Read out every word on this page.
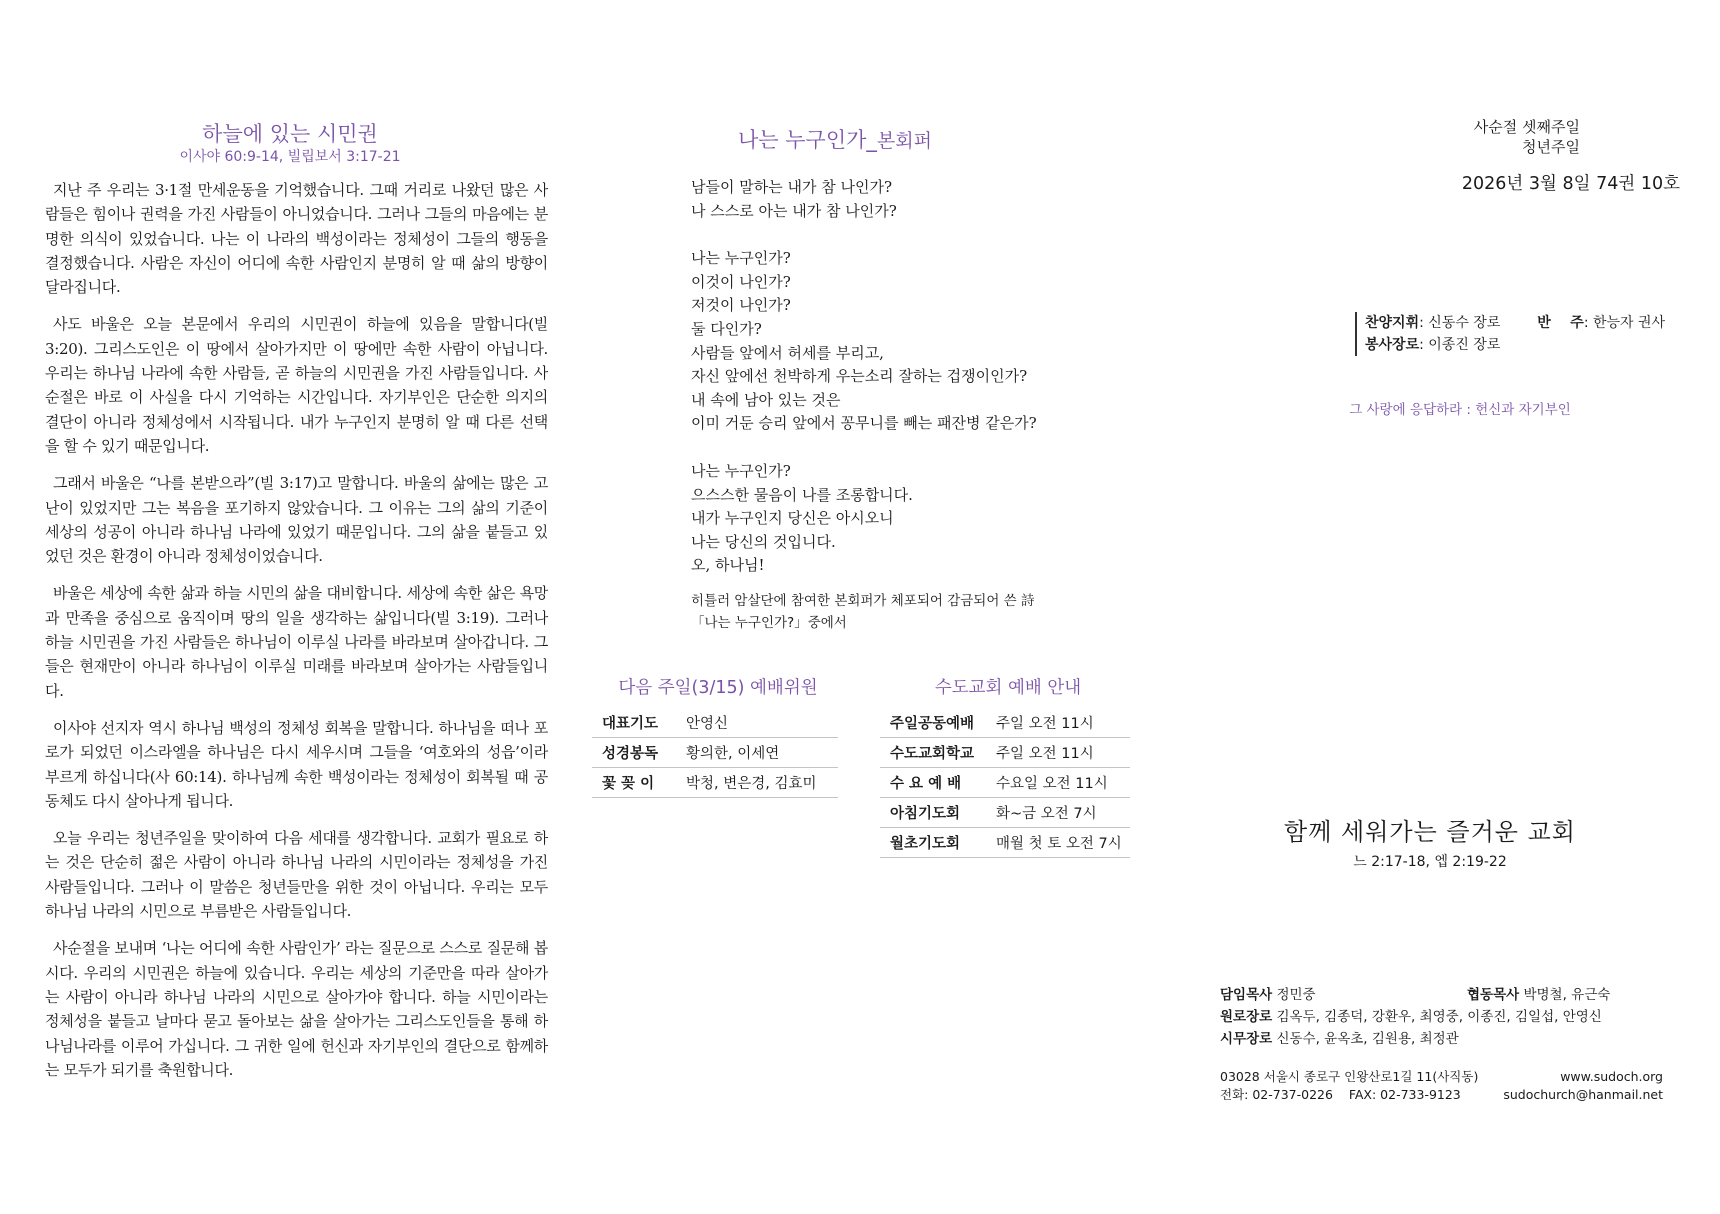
하늘에 있는 시민권
이사야 60:9-14, 빌립보서 3:17-21

지난 주 우리는 3·1절 만세운동을 기억했습니다. 그때 거리로 나왔던 많은 사람들은 힘이나 권력을 가진 사람들이 아니었습니다. 그러나 그들의 마음에는 분명한 의식이 있었습니다. 나는 이 나라의 백성이라는 정체성이 그들의 행동을 결정했습니다. 사람은 자신이 어디에 속한 사람인지 분명히 알 때 삶의 방향이 달라집니다.

사도 바울은 오늘 본문에서 우리의 시민권이 하늘에 있음을 말합니다(빌 3:20). 그리스도인은 이 땅에서 살아가지만 이 땅에만 속한 사람이 아닙니다. 우리는 하나님 나라에 속한 사람들, 곧 하늘의 시민권을 가진 사람들입니다. 사순절은 바로 이 사실을 다시 기억하는 시간입니다. 자기부인은 단순한 의지의 결단이 아니라 정체성에서 시작됩니다. 내가 누구인지 분명히 알 때 다른 선택을 할 수 있기 때문입니다.

그래서 바울은 “나를 본받으라”(빌 3:17)고 말합니다. 바울의 삶에는 많은 고난이 있었지만 그는 복음을 포기하지 않았습니다. 그 이유는 그의 삶의 기준이 세상의 성공이 아니라 하나님 나라에 있었기 때문입니다. 그의 삶을 붙들고 있었던 것은 환경이 아니라 정체성이었습니다.

바울은 세상에 속한 삶과 하늘 시민의 삶을 대비합니다. 세상에 속한 삶은 욕망과 만족을 중심으로 움직이며 땅의 일을 생각하는 삶입니다(빌 3:19). 그러나 하늘 시민권을 가진 사람들은 하나님이 이루실 나라를 바라보며 살아갑니다. 그들은 현재만이 아니라 하나님이 이루실 미래를 바라보며 살아가는 사람들입니다.

이사야 선지자 역시 하나님 백성의 정체성 회복을 말합니다. 하나님을 떠나 포로가 되었던 이스라엘을 하나님은 다시 세우시며 그들을 ‘여호와의 성읍’이라 부르게 하십니다(사 60:14). 하나님께 속한 백성이라는 정체성이 회복될 때 공동체도 다시 살아나게 됩니다.

오늘 우리는 청년주일을 맞이하여 다음 세대를 생각합니다. 교회가 필요로 하는 것은 단순히 젊은 사람이 아니라 하나님 나라의 시민이라는 정체성을 가진 사람들입니다. 그러나 이 말씀은 청년들만을 위한 것이 아닙니다. 우리는 모두 하나님 나라의 시민으로 부름받은 사람들입니다.

사순절을 보내며 ‘나는 어디에 속한 사람인가’ 라는 질문으로 스스로 질문해 봅시다. 우리의 시민권은 하늘에 있습니다. 우리는 세상의 기준만을 따라 살아가는 사람이 아니라 하나님 나라의 시민으로 살아가야 합니다. 하늘 시민이라는 정체성을 붙들고 날마다 묻고 돌아보는 삶을 살아가는 그리스도인들을 통해 하나님나라를 이루어 가십니다. 그 귀한 일에 헌신과 자기부인의 결단으로 함께하는 모두가 되기를 축원합니다.

나는 누구인가_본회퍼
남들이 말하는 내가 참 나인가?
나 스스로 아는 내가 참 나인가?
나는 누구인가?
이것이 나인가?
저것이 나인가?
둘 다인가?
사람들 앞에서 허세를 부리고,
자신 앞에선 천박하게 우는소리 잘하는 겁쟁이인가?
내 속에 남아 있는 것은
이미 거둔 승리 앞에서 꽁무니를 빼는 패잔병 같은가?
나는 누구인가?
으스스한 물음이 나를 조롱합니다.
내가 누구인지 당신은 아시오니
나는 당신의 것입니다.
오, 하나님!
히틀러 암살단에 참여한 본회퍼가 체포되어 감금되어 쓴 詩
「나는 누구인가?」중에서
다음 주일(3/15) 예배위원
대표기도	안영신
성경봉독	황의한, 이세연
꽃 꽂 이	박청, 변은경, 김효미
수도교회 예배 안내
주일공동예배	주일 오전 11시
수도교회학교	주일 오전 11시
수 요 예 배	수요일 오전 11시
아침기도회	화~금 오전 7시
월초기도회	매월 첫 토 오전 7시
사순절 셋째주일
청년주일
2026년 3월 8일 74권 10호
찬양지휘: 신동수 장로	반    주: 한능자 권사
봉사장로: 이종진 장로
그 사랑에 응답하라 : 헌신과 자기부인
함께 세워가는 즐거운 교회
느 2:17-18, 엡 2:19-22
담임목사 정민중	협동목사 박명철, 유근숙
원로장로 김옥두, 김종덕, 강환우, 최영중, 이종진, 김일섭, 안영신
시무장로 신동수, 윤옥초, 김원용, 최정관
03028 서울시 종로구 인왕산로1길 11(사직동)	www.sudoch.org
전화: 02-737-0226    FAX: 02-733-9123	sudochurch@hanmail.net
